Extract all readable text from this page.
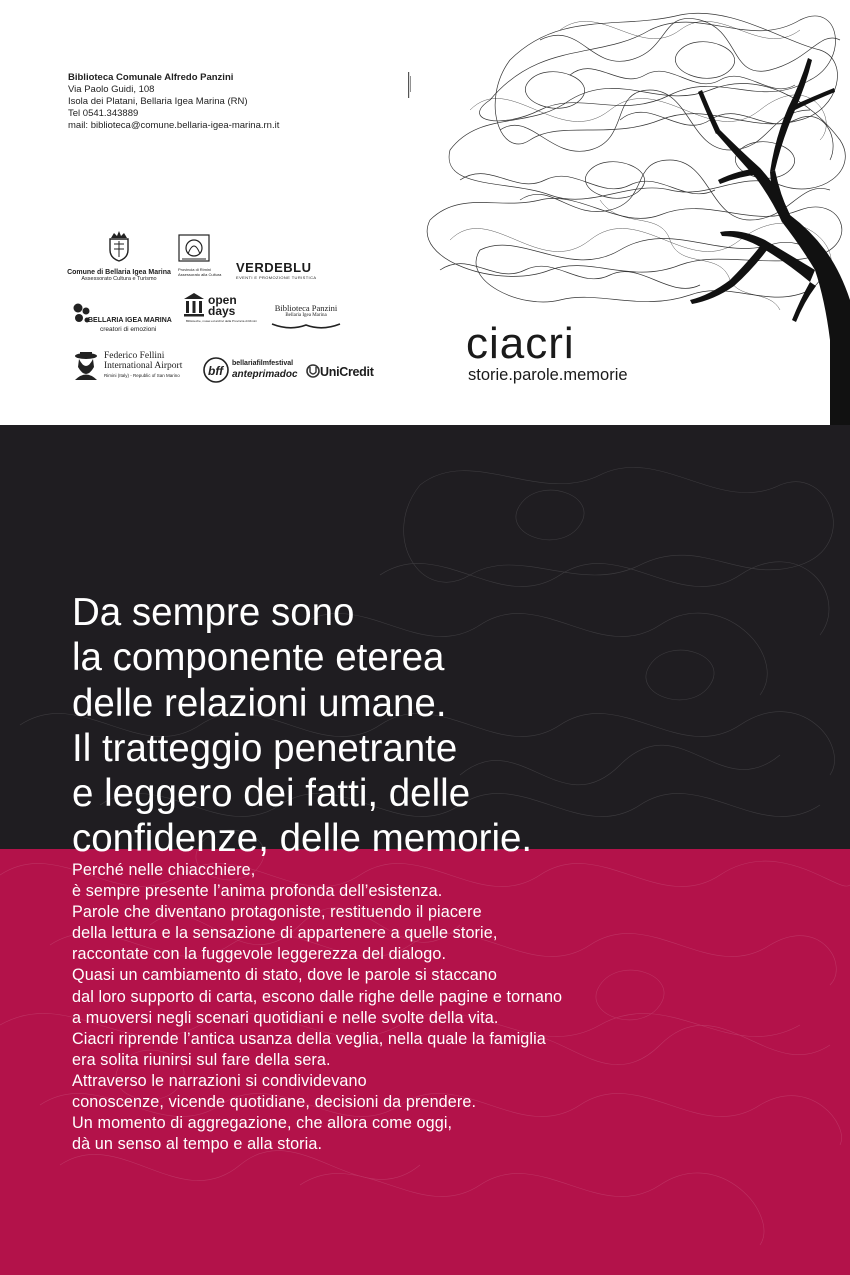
Biblioteca Comunale Alfredo Panzini
Via Paolo Guidi, 108
Isola dei Platani, Bellaria Igea Marina (RN)
Tel 0541.343889
mail: biblioteca@comune.bellaria-igea-marina.rn.it
Comune di Bellaria Igea Marina
Assessorato Cultura e Turismo
Provincia di Rimini Assessorato alla Cultura VERDEBLU
EVENTI E PROMOZIONE TURISTICA
BELLARIA IGEA MARINA
creatori di emozioni
open
days
Biblioteche, musei ed archivi della Provincia di Rimini
Biblioteca Panzini
Bellaria Igea Marina
Federico Fellini
International Airport
Rimini (Italy) - Republic of San Marino bff
bellariafilmfestival
anteprimadoc	UniCredit
ciacri
storie.parole.memorie
Da sempre sono
la componente eterea
delle relazioni umane.
Il tratteggio penetrante
e leggero dei fatti, delle
confidenze, delle memorie.
Perché nelle chiacchiere,
è sempre presente l’anima profonda dell’esistenza.
Parole che diventano protagoniste, restituendo il piacere
della lettura e la sensazione di appartenere a quelle storie,
raccontate con la fuggevole leggerezza del dialogo.
Quasi un cambiamento di stato, dove le parole si staccano
dal loro supporto di carta, escono dalle righe delle pagine e tornano
a muoversi negli scenari quotidiani e nelle svolte della vita.
Ciacri riprende l’antica usanza della veglia, nella quale la famiglia
era solita riunirsi sul fare della sera.
Attraverso le narrazioni si condividevano
conoscenze, vicende quotidiane, decisioni da prendere.
Un momento di aggregazione, che allora come oggi,
dà un senso al tempo e alla storia.
